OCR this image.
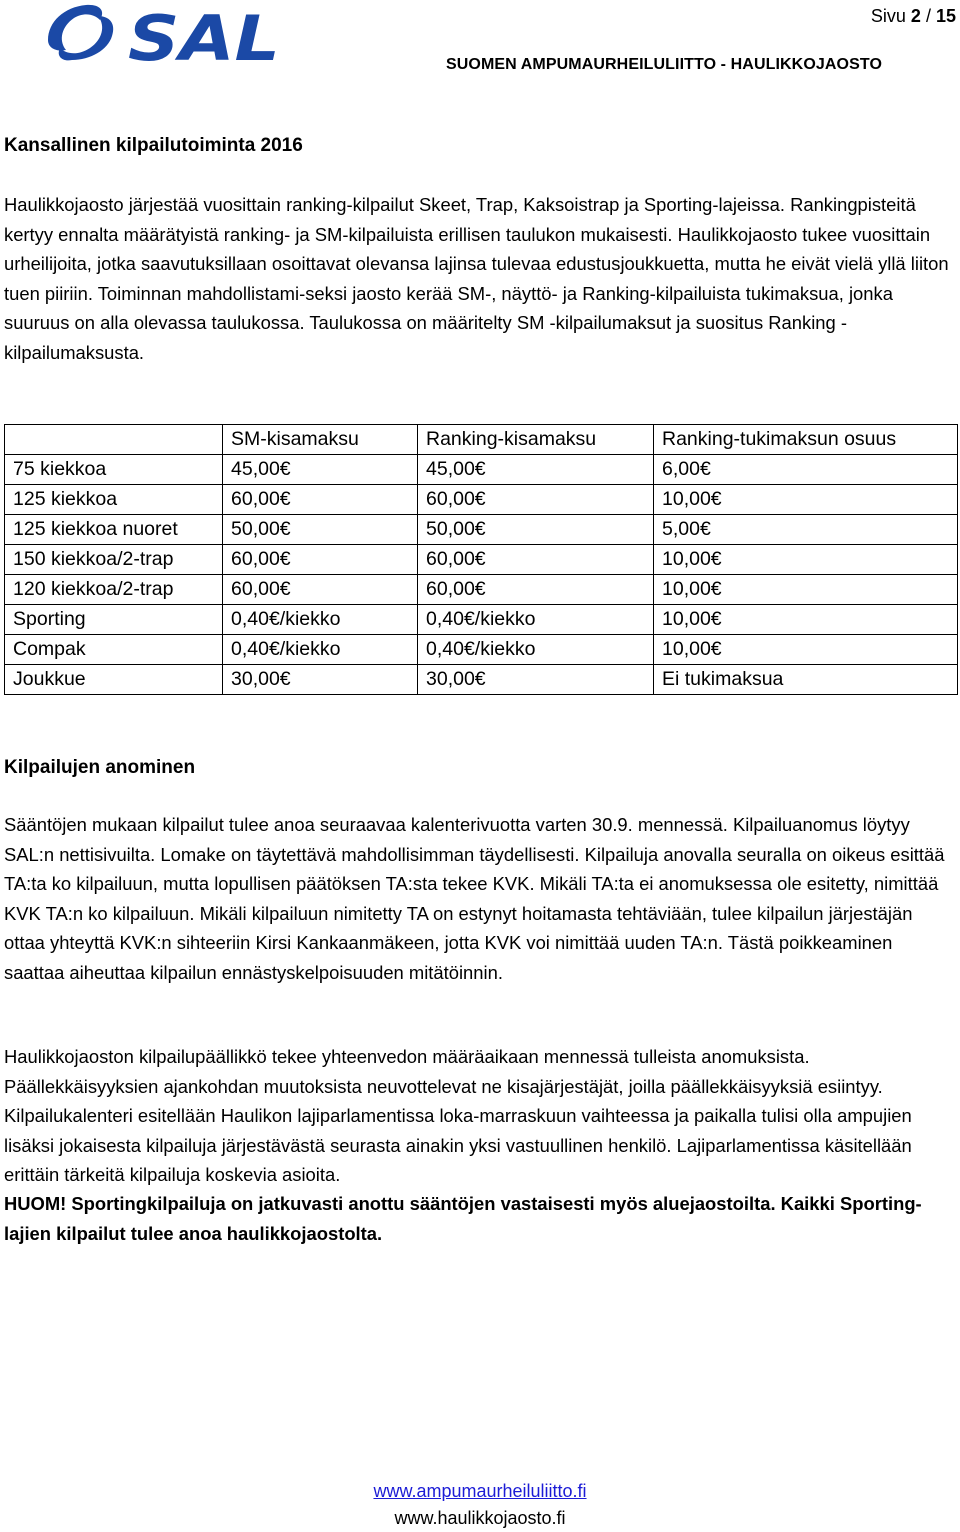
SAL	Sivu 2 / 15
SUOMEN AMPUMAURHEILULIITTO - HAULIKKOJAOSTO
Kansallinen kilpailutoiminta 2016

Haulikkojaosto järjestää vuosittain ranking-kilpailut Skeet, Trap, Kaksoistrap ja Sporting-lajeissa. Rankingpisteitä kertyy ennalta määrätyistä ranking- ja SM-kilpailuista erillisen taulukon mukaisesti. Haulikkojaosto tukee vuosittain urheilijoita, jotka saavutuksillaan osoittavat olevansa lajinsa tulevaa edustusjoukkuetta, mutta he eivät vielä yllä liiton tuen piiriin. Toiminnan mahdollistami-seksi jaosto kerää SM-, näyttö- ja Ranking-kilpailuista tukimaksua, jonka suuruus on alla olevassa taulukossa. Taulukossa on määritelty SM -kilpailumaksut ja suositus Ranking -kilpailumaksusta.

	SM-kisamaksu	Ranking-kisamaksu	Ranking-tukimaksun osuus
75 kiekkoa	45,00€	45,00€	6,00€
125 kiekkoa	60,00€	60,00€	10,00€
125 kiekkoa nuoret	50,00€	50,00€	5,00€
150 kiekkoa/2-trap	60,00€	60,00€	10,00€
120 kiekkoa/2-trap	60,00€	60,00€	10,00€
Sporting	0,40€/kiekko	0,40€/kiekko	10,00€
Compak	0,40€/kiekko	0,40€/kiekko	10,00€
Joukkue	30,00€	30,00€	Ei tukimaksua
Kilpailujen anominen

Sääntöjen mukaan kilpailut tulee anoa seuraavaa kalenterivuotta varten 30.9. mennessä. Kilpailuanomus löytyy SAL:n nettisivuilta. Lomake on täytettävä mahdollisimman täydellisesti. Kilpailuja anovalla seuralla on oikeus esittää TA:ta ko kilpailuun, mutta lopullisen päätöksen TA:sta tekee KVK. Mikäli TA:ta ei anomuksessa ole esitetty, nimittää KVK TA:n ko kilpailuun. Mikäli kilpailuun nimitetty TA on estynyt hoitamasta tehtäviään, tulee kilpailun järjestäjän ottaa yhteyttä KVK:n sihteeriin Kirsi Kankaanmäkeen, jotta KVK voi nimittää uuden TA:n. Tästä poikkeaminen saattaa aiheuttaa kilpailun ennästyskelpoisuuden mitätöinnin.

Haulikkojaoston kilpailupäällikkö tekee yhteenvedon määräaikaan mennessä tulleista anomuksista. Päällekkäisyyksien ajankohdan muutoksista neuvottelevat ne kisajärjestäjät, joilla päällekkäisyyksiä esiintyy. Kilpailukalenteri esitellään Haulikon lajiparlamentissa loka-marraskuun vaihteessa ja paikalla tulisi olla ampujien lisäksi jokaisesta kilpailuja järjestävästä seurasta ainakin yksi vastuullinen henkilö. Lajiparlamentissa käsitellään erittäin tärkeitä kilpailuja koskevia asioita.

HUOM! Sportingkilpailuja on jatkuvasti anottu sääntöjen vastaisesti myös aluejaostoilta. Kaikki Sporting-lajien kilpailut tulee anoa haulikkojaostolta.

www.ampumaurheiluliitto.fi
www.haulikkojaosto.fi
